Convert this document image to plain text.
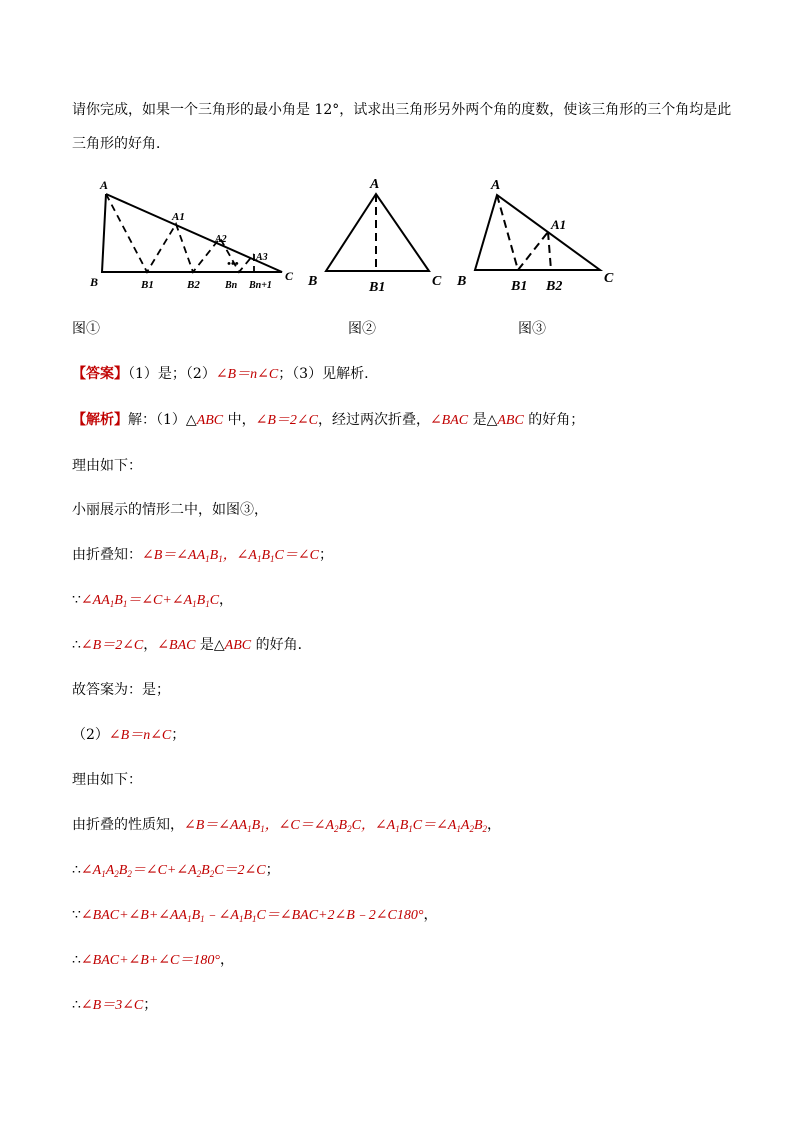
请你完成，如果一个三角形的最小角是 12°，试求出三角形另外两个角的度数，使该三角形的三个角均是此
三角形的好角．
A
A1
A2
A3
•••
B	B1	B2	Bn Bn+1
C
A
B	B1	C
A
A1
B	B1 B2
C
图①	图②	图③
【答案】（1）是；（2）∠B＝n∠C；（3）见解析.
【解析】解：（1）△ABC 中，∠B＝2∠C，经过两次折叠，∠BAC 是△ABC 的好角；
理由如下：
小丽展示的情形二中，如图③，
由折叠知：$\angle B=\angle AA_1B_1$，$\angle A_1B_1C=\angle C$；
$\because\angle AA_1B_1=\angle C+\angle A_1B_1C$，
∴∠B＝2∠C，∠BAC 是△ABC 的好角．
故答案为：是；
（2）∠B＝n∠C；
理由如下：
由折叠的性质知，$\angle B=\angle AA_1B_1$，$\angle C=\angle A_2B_2C$，$\angle A_1B_1C=\angle A_1A_2B_2$，
$\therefore\angle A_1A_2B_2=\angle C+\angle A_2B_2C=2\angle C$；
$\because\angle BAC+\angle B+\angle AA_1B_1﹣\angle A_1B_1C=\angle BAC+2\angle B﹣2\angle C180^\circ$，
∴∠BAC+∠B+∠C＝180°，
∴∠B＝3∠C；
